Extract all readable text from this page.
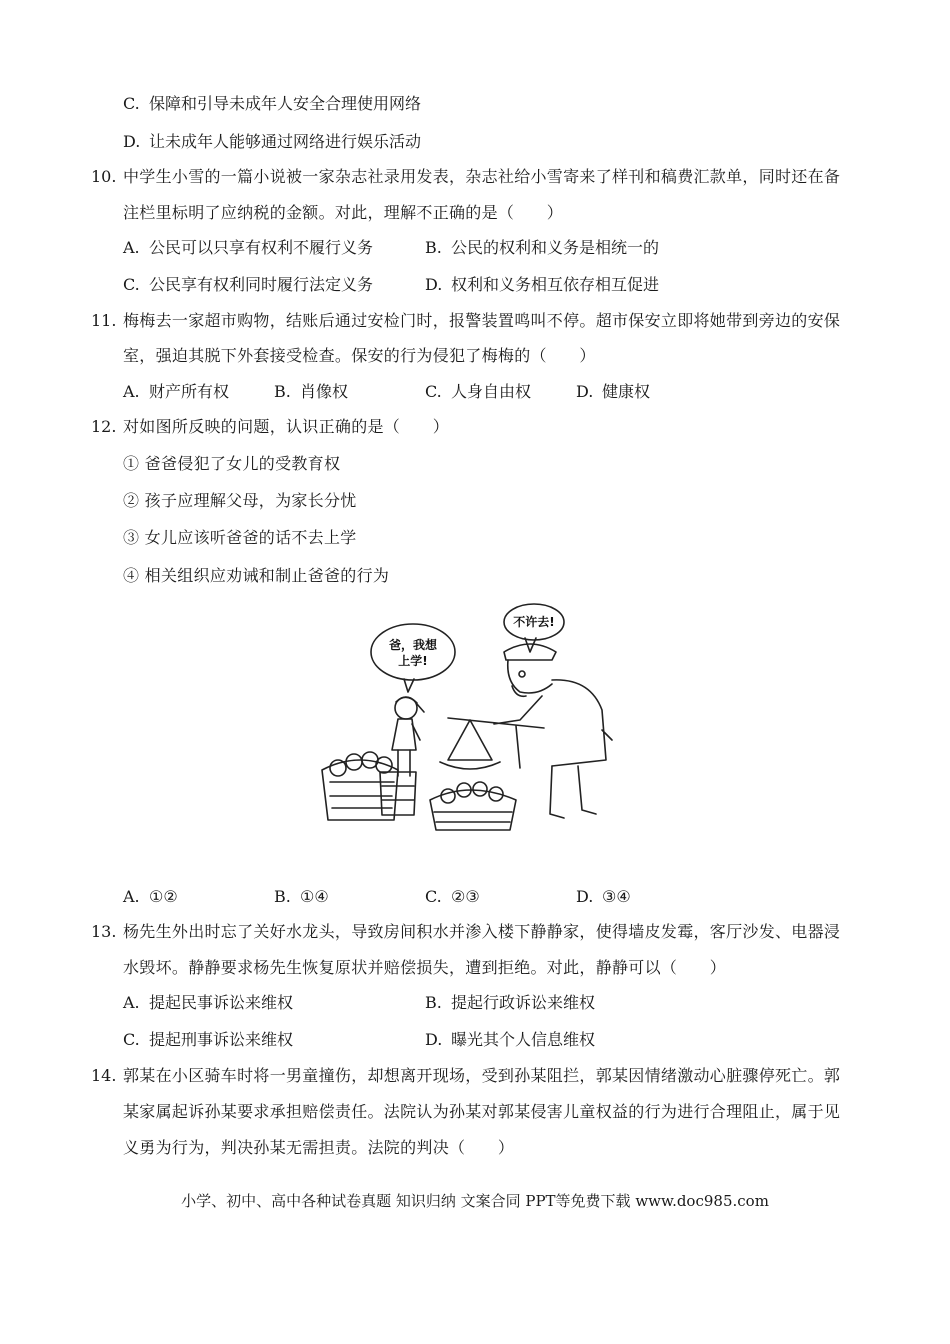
C. 保障和引导未成年人安全合理使用网络
D. 让未成年人能够通过网络进行娱乐活动
10. 中学生小雪的一篇小说被一家杂志社录用发表，杂志社给小雪寄来了样刊和稿费汇款单，同时还在备
注栏里标明了应纳税的金额。对此，理解不正确的是（　　）
A. 公民可以只享有权利不履行义务	B. 公民的权利和义务是相统一的
C. 公民享有权利同时履行法定义务	D. 权利和义务相互依存相互促进
11. 梅梅去一家超市购物，结账后通过安检门时，报警装置鸣叫不停。超市保安立即将她带到旁边的安保
室，强迫其脱下外套接受检查。保安的行为侵犯了梅梅的（　　）
A. 财产所有权	B. 肖像权	C. 人身自由权	D. 健康权
12. 对如图所反映的问题，认识正确的是（　　）
① 爸爸侵犯了女儿的受教育权
② 孩子应理解父母，为家长分忧
③ 女儿应该听爸爸的话不去上学
④ 相关组织应劝诫和制止爸爸的行为
爸，我想
上学!
不许去!
A. ①②	B. ①④	C. ②③	D. ③④
13. 杨先生外出时忘了关好水龙头，导致房间积水并渗入楼下静静家，使得墙皮发霉，客厅沙发、电器浸
水毁坏。静静要求杨先生恢复原状并赔偿损失，遭到拒绝。对此，静静可以（　　）
A. 提起民事诉讼来维权	B. 提起行政诉讼来维权
C. 提起刑事诉讼来维权	D. 曝光其个人信息维权
14. 郭某在小区骑车时将一男童撞伤，却想离开现场，受到孙某阻拦，郭某因情绪激动心脏骤停死亡。郭
某家属起诉孙某要求承担赔偿责任。法院认为孙某对郭某侵害儿童权益的行为进行合理阻止，属于见
义勇为行为，判决孙某无需担责。法院的判决（　　）
小学、初中、高中各种试卷真题 知识归纳 文案合同 PPT等免费下载 www.doc985.com
